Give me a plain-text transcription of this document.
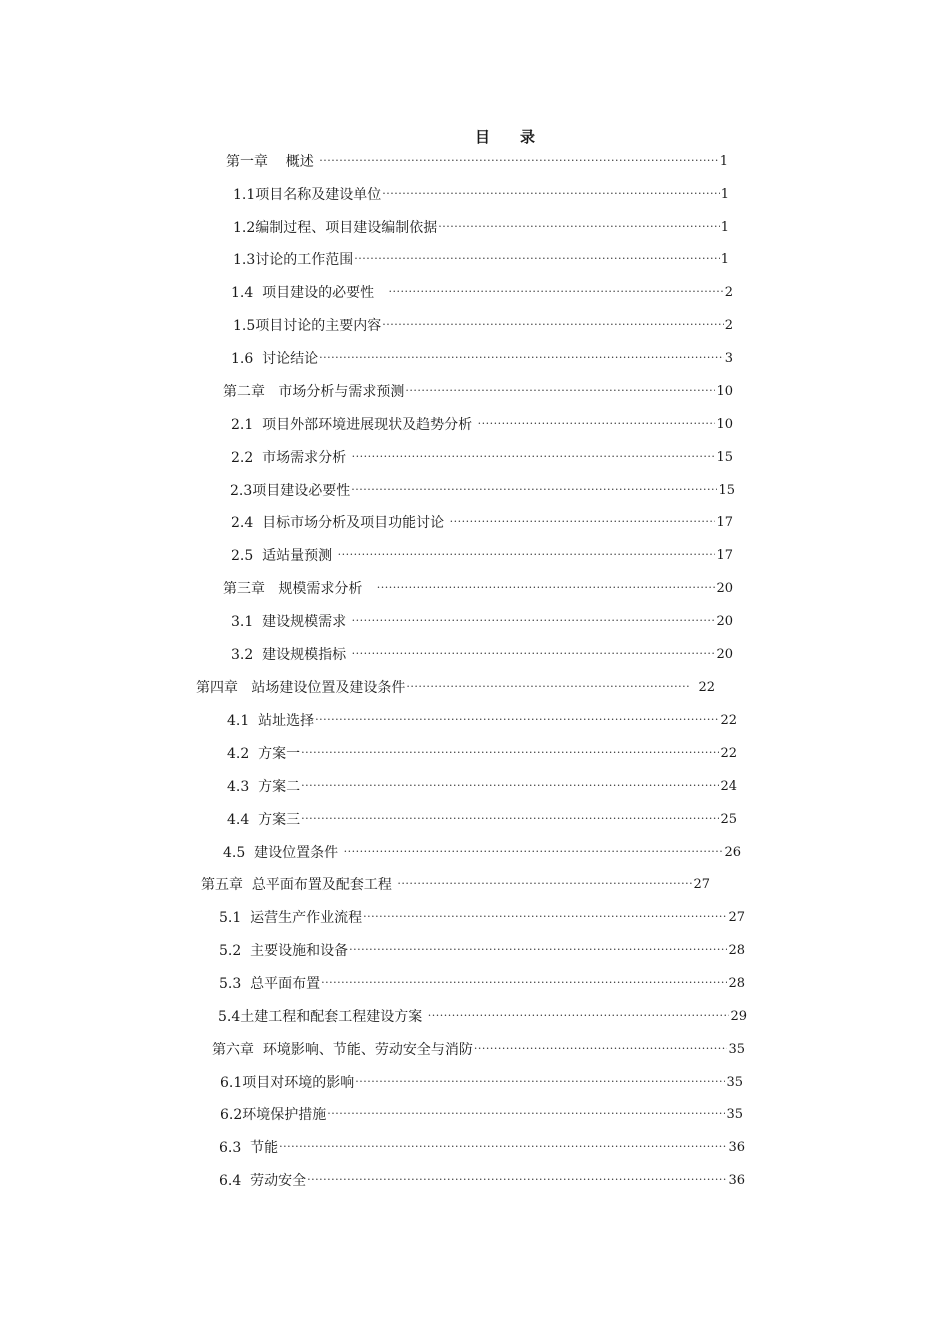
目 录
第一章    概述 ·····	1
1.1项目名称及建设单位 ·····	1
1.2编制过程、项目建设编制依据 ·····	1
1.3讨论的工作范围 ·····	1
1.4  项目建设的必要性 ·····	2
1.5项目讨论的主要内容 ·····	2
1.6  讨论结论 ·····	3
第二章   市场分析与需求预测 ·····	10
2.1  项目外部环境进展现状及趋势分析 ·····	10
2.2  市场需求分析 ·····	15
2.3项目建设必要性 ·····	15
2.4  目标市场分析及项目功能讨论 ·····	17
2.5  适站量预测 ·····	17
第三章   规模需求分析 ·····	20
3.1  建设规模需求 ·····	20
3.2  建设规模指标 ·····	20
第四章   站场建设位置及建设条件 ·····	22
4.1  站址选择 ·····	22
4.2  方案一 ·····	22
4.3  方案二 ·····	24
4.4  方案三 ·····	25
4.5  建设位置条件 ·····	26
第五章  总平面布置及配套工程 ·····	27
5.1  运营生产作业流程 ·····	27
5.2  主要设施和设备 ·····	28
5.3  总平面布置 ·····	28
5.4土建工程和配套工程建设方案 ·····	29
第六章  环境影响、节能、劳动安全与消防 ·····	35
6.1项目对环境的影响 ·····	35
6.2环境保护措施 ·····	35
6.3  节能 ·····	36
6.4  劳动安全 ·····	36
